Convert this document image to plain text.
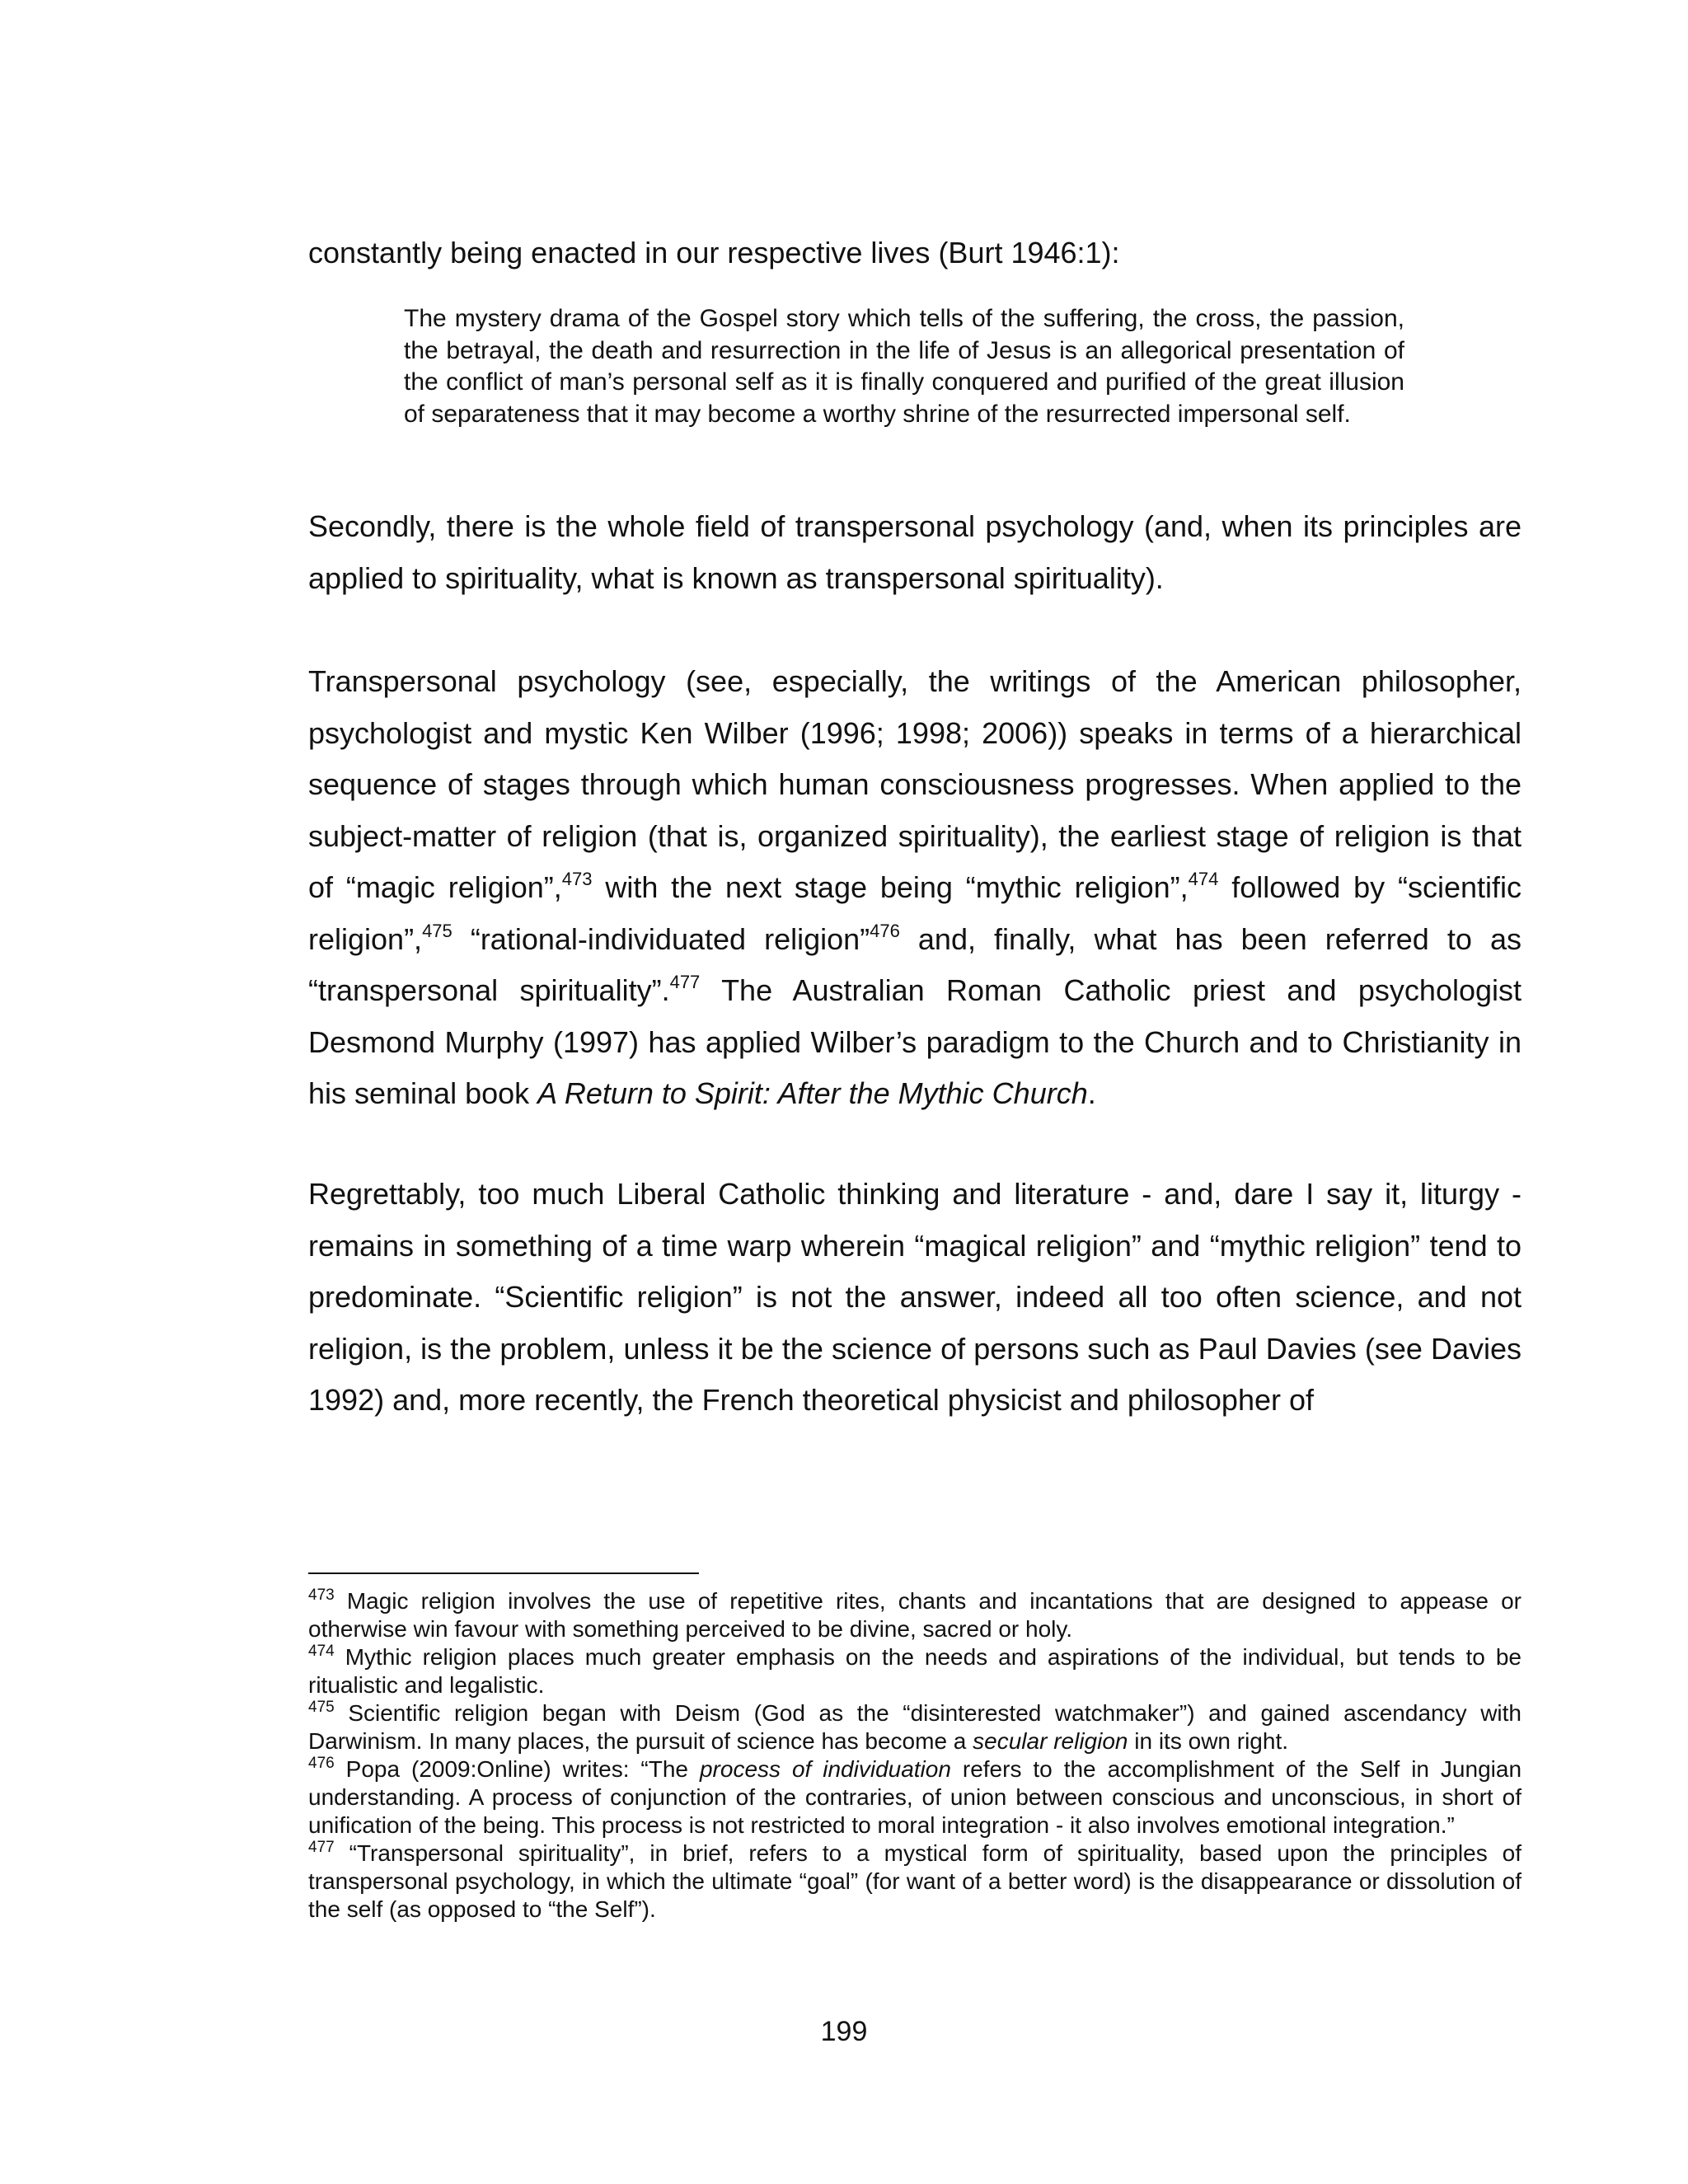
constantly being enacted in our respective lives (Burt 1946:1):

The mystery drama of the Gospel story which tells of the suffering, the cross, the passion, the betrayal, the death and resurrection in the life of Jesus is an allegorical presentation of the conflict of man’s personal self as it is finally conquered and purified of the great illusion of separateness that it may become a worthy shrine of the resurrected impersonal self.

Secondly, there is the whole field of transpersonal psychology (and, when its principles are applied to spirituality, what is known as transpersonal spirituality).

Transpersonal psychology (see, especially, the writings of the American philosopher, psychologist and mystic Ken Wilber (1996; 1998; 2006)) speaks in terms of a hierarchical sequence of stages through which human consciousness progresses. When applied to the subject-matter of religion (that is, organized spirituality), the earliest stage of religion is that of “magic religion”,$^{473}$ with the next stage being “mythic religion”,$^{474}$ followed by “scientific religion”,$^{475}$ “rational-individuated religion”$^{476}$ and, finally, what has been referred to as “transpersonal spirituality”.$^{477}$ The Australian Roman Catholic priest and psychologist Desmond Murphy (1997) has applied Wilber’s paradigm to the Church and to Christianity in his seminal book A Return to Spirit: After the Mythic Church.

Regrettably, too much Liberal Catholic thinking and literature - and, dare I say it, liturgy - remains in something of a time warp wherein “magical religion” and “mythic religion” tend to predominate. “Scientific religion” is not the answer, indeed all too often science, and not religion, is the problem, unless it be the science of persons such as Paul Davies (see Davies 1992) and, more recently, the French theoretical physicist and philosopher of

$^{473}$ Magic religion involves the use of repetitive rites, chants and incantations that are designed to appease or otherwise win favour with something perceived to be divine, sacred or holy.

$^{474}$ Mythic religion places much greater emphasis on the needs and aspirations of the individual, but tends to be ritualistic and legalistic.

$^{475}$ Scientific religion began with Deism (God as the “disinterested watchmaker”) and gained ascendancy with Darwinism. In many places, the pursuit of science has become a secular religion in its own right.

$^{476}$ Popa (2009:Online) writes: “The process of individuation refers to the accomplishment of the Self in Jungian understanding. A process of conjunction of the contraries, of union between conscious and unconscious, in short of unification of the being. This process is not restricted to moral integration - it also involves emotional integration.”

$^{477}$ “Transpersonal spirituality”, in brief, refers to a mystical form of spirituality, based upon the principles of transpersonal psychology, in which the ultimate “goal” (for want of a better word) is the disappearance or dissolution of the self (as opposed to “the Self”).

199
